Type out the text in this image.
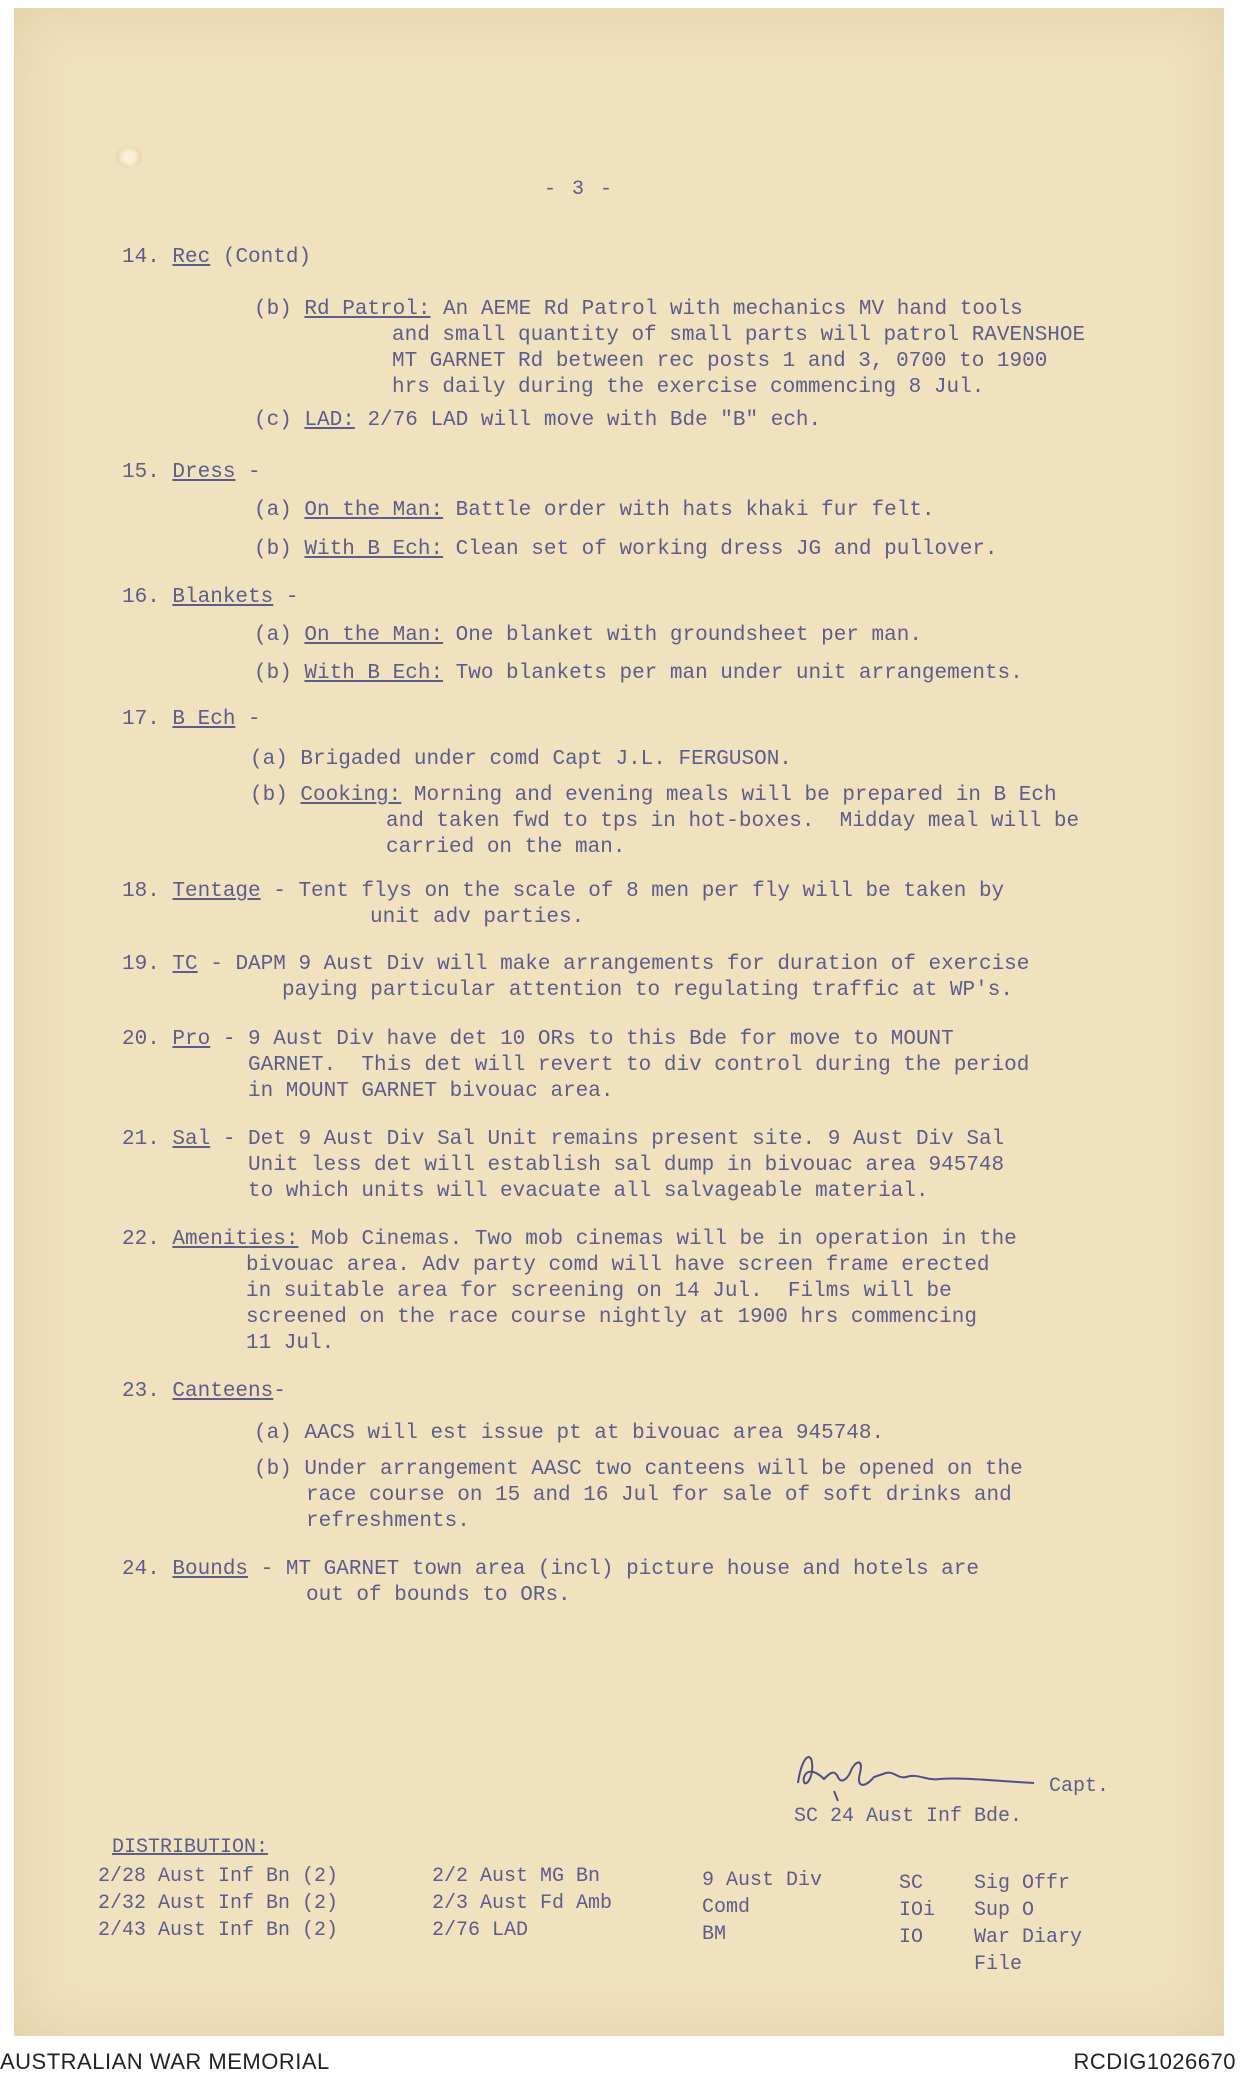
- 3 -
14. Rec (Contd)
(b) Rd Patrol: An AEME Rd Patrol with mechanics MV hand tools
and small quantity of small parts will patrol RAVENSHOE
MT GARNET Rd between rec posts 1 and 3, 0700 to 1900
hrs daily during the exercise commencing 8 Jul.
(c) LAD: 2/76 LAD will move with Bde "B" ech.
15. Dress -
(a) On the Man: Battle order with hats khaki fur felt.
(b) With B Ech: Clean set of working dress JG and pullover.
16. Blankets -
(a) On the Man: One blanket with groundsheet per man.
(b) With B Ech: Two blankets per man under unit arrangements.
17. B Ech -
(a) Brigaded under comd Capt J.L. FERGUSON.
(b) Cooking: Morning and evening meals will be prepared in B Ech
and taken fwd to tps in hot-boxes.  Midday meal will be
carried on the man.
18. Tentage - Tent flys on the scale of 8 men per fly will be taken by
unit adv parties.
19. TC - DAPM 9 Aust Div will make arrangements for duration of exercise
paying particular attention to regulating traffic at WP's.
20. Pro - 9 Aust Div have det 10 ORs to this Bde for move to MOUNT
GARNET.  This det will revert to div control during the period
in MOUNT GARNET bivouac area.
21. Sal - Det 9 Aust Div Sal Unit remains present site. 9 Aust Div Sal
Unit less det will establish sal dump in bivouac area 945748
to which units will evacuate all salvageable material.
22. Amenities: Mob Cinemas. Two mob cinemas will be in operation in the
bivouac area. Adv party comd will have screen frame erected
in suitable area for screening on 14 Jul.  Films will be
screened on the race course nightly at 1900 hrs commencing
11 Jul.
23. Canteens-
(a) AACS will est issue pt at bivouac area 945748.
(b) Under arrangement AASC two canteens will be opened on the
race course on 15 and 16 Jul for sale of soft drinks and
refreshments.
24. Bounds - MT GARNET town area (incl) picture house and hotels are
out of bounds to ORs.
Capt.
SC 24 Aust Inf Bde.
DISTRIBUTION:
2/28 Aust Inf Bn (2)
2/32 Aust Inf Bn (2)
2/43 Aust Inf Bn (2)
2/2 Aust MG Bn
2/3 Aust Fd Amb
2/76 LAD
9 Aust Div
Comd
BM
SC
IOi
IO
Sig Offr
Sup O
War Diary
File
AUSTRALIAN WAR MEMORIAL	RCDIG1026670
